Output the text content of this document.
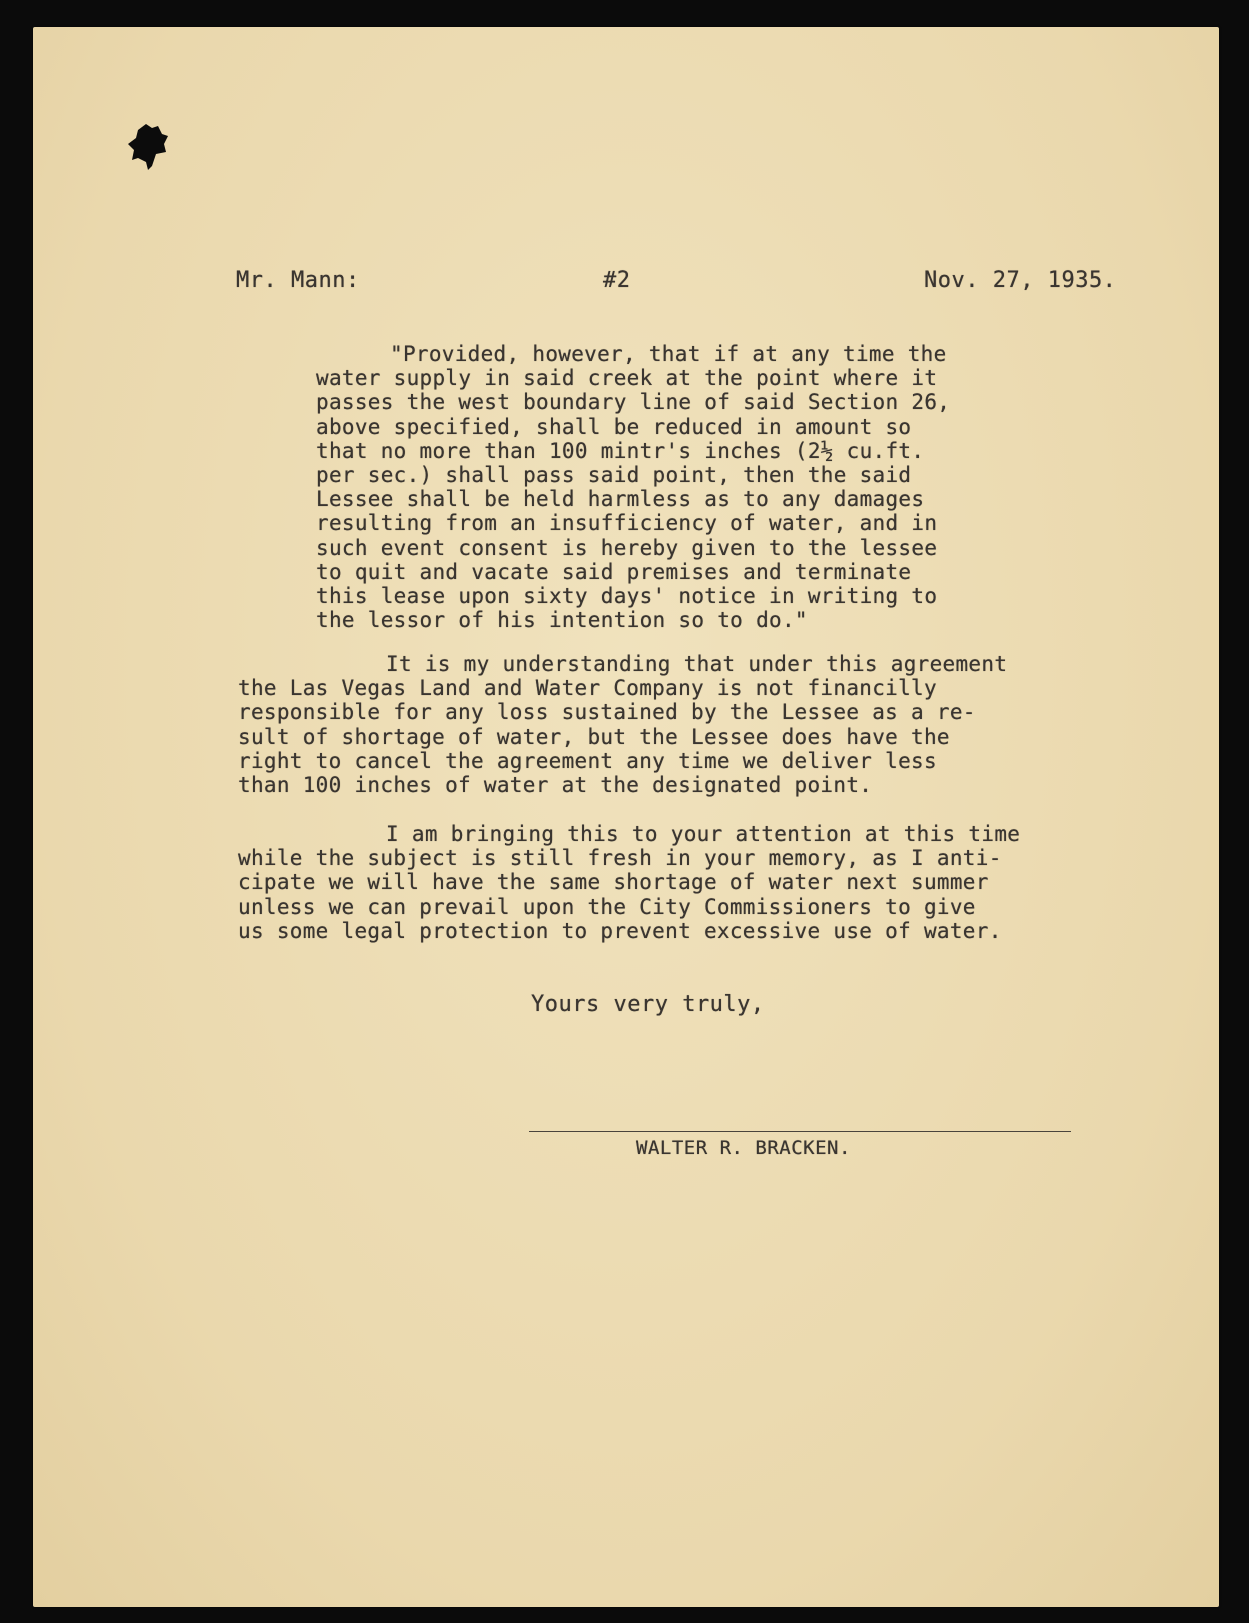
Mr. Mann:	#2	Nov. 27, 1935.
"Provided, however, that if at any time the
water supply in said creek at the point where it
passes the west boundary line of said Section 26,
above specified, shall be reduced in amount so
that no more than 100 mintr's inches (2½ cu.ft.
per sec.) shall pass said point, then the said
Lessee shall be held harmless as to any damages
resulting from an insufficiency of water, and in
such event consent is hereby given to the lessee
to quit and vacate said premises and terminate
this lease upon sixty days' notice in writing to
the lessor of his intention so to do."
It is my understanding that under this agreement
the Las Vegas Land and Water Company is not financilly
responsible for any loss sustained by the Lessee as a re-
sult of shortage of water, but the Lessee does have the
right to cancel the agreement any time we deliver less
than 100 inches of water at the designated point.
I am bringing this to your attention at this time
while the subject is still fresh in your memory, as I anti-
cipate we will have the same shortage of water next summer
unless we can prevail upon the City Commissioners to give
us some legal protection to prevent excessive use of water.
Yours very truly,
WALTER R. BRACKEN.
